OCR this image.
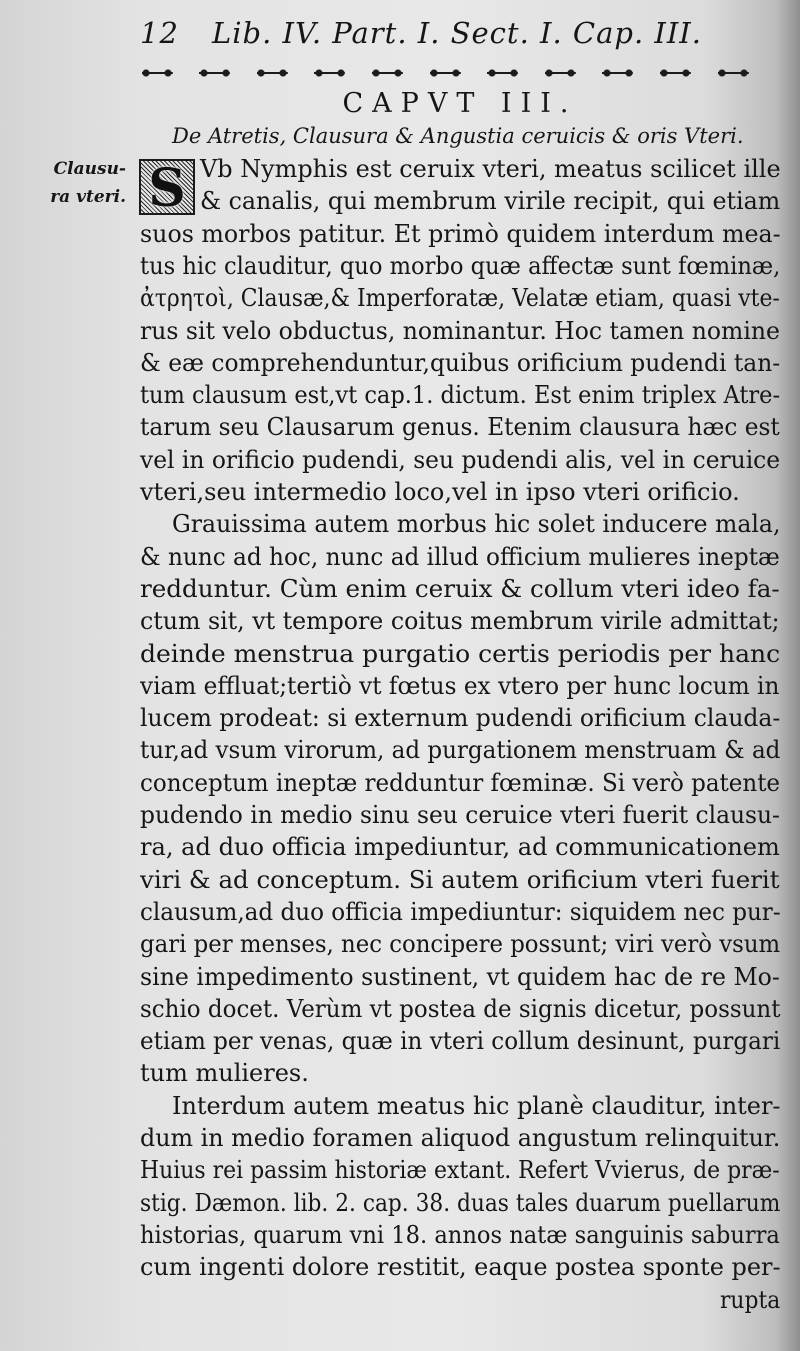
12 Lib. IV. Part. I. Sect. I. Cap. III.
CAPVT III.
De Atretis, Clausura & Angustia ceruicis & oris Vteri.
Clausu-
ra vteri. S Vb Nymphis est ceruix vteri, meatus scilicet ille
& canalis, qui membrum virile recipit, qui etiam
suos morbos patitur. Et primò quidem interdum mea-
tus hic clauditur, quo morbo quæ affectæ sunt fœminæ,
ἀτρητοὶ, Clausæ,& Imperforatæ, Velatæ etiam, quasi vte-
rus sit velo obductus, nominantur. Hoc tamen nomine
& eæ comprehenduntur,quibus orificium pudendi tan-
tum clausum est,vt cap.1. dictum. Est enim triplex Atre-
tarum seu Clausarum genus. Etenim clausura hæc est
vel in orificio pudendi, seu pudendi alis, vel in ceruice
vteri,seu intermedio loco,vel in ipso vteri orificio.
Grauissima autem morbus hic solet inducere mala,
& nunc ad hoc, nunc ad illud officium mulieres ineptæ
redduntur. Cùm enim ceruix & collum vteri ideo fa-
ctum sit, vt tempore coitus membrum virile admittat;
deinde menstrua purgatio certis periodis per hanc
viam effluat;tertiò vt fœtus ex vtero per hunc locum in
lucem prodeat: si externum pudendi orificium clauda-
tur,ad vsum virorum, ad purgationem menstruam & ad
conceptum ineptæ redduntur fœminæ. Si verò patente
pudendo in medio sinu seu ceruice vteri fuerit clausu-
ra, ad duo officia impediuntur, ad communicationem
viri & ad conceptum. Si autem orificium vteri fuerit
clausum,ad duo officia impediuntur: siquidem nec pur-
gari per menses, nec concipere possunt; viri verò vsum
sine impedimento sustinent, vt quidem hac de re Mo-
schio docet. Verùm vt postea de signis dicetur, possunt
etiam per venas, quæ in vteri collum desinunt, purgari
tum mulieres.
Interdum autem meatus hic planè clauditur, inter-
dum in medio foramen aliquod angustum relinquitur.
Huius rei passim historiæ extant. Refert Vvierus, de præ-
stig. Dæmon. lib. 2. cap. 38. duas tales duarum puellarum
historias, quarum vni 18. annos natæ sanguinis saburra
cum ingenti dolore restitit, eaque postea sponte per-
rupta
